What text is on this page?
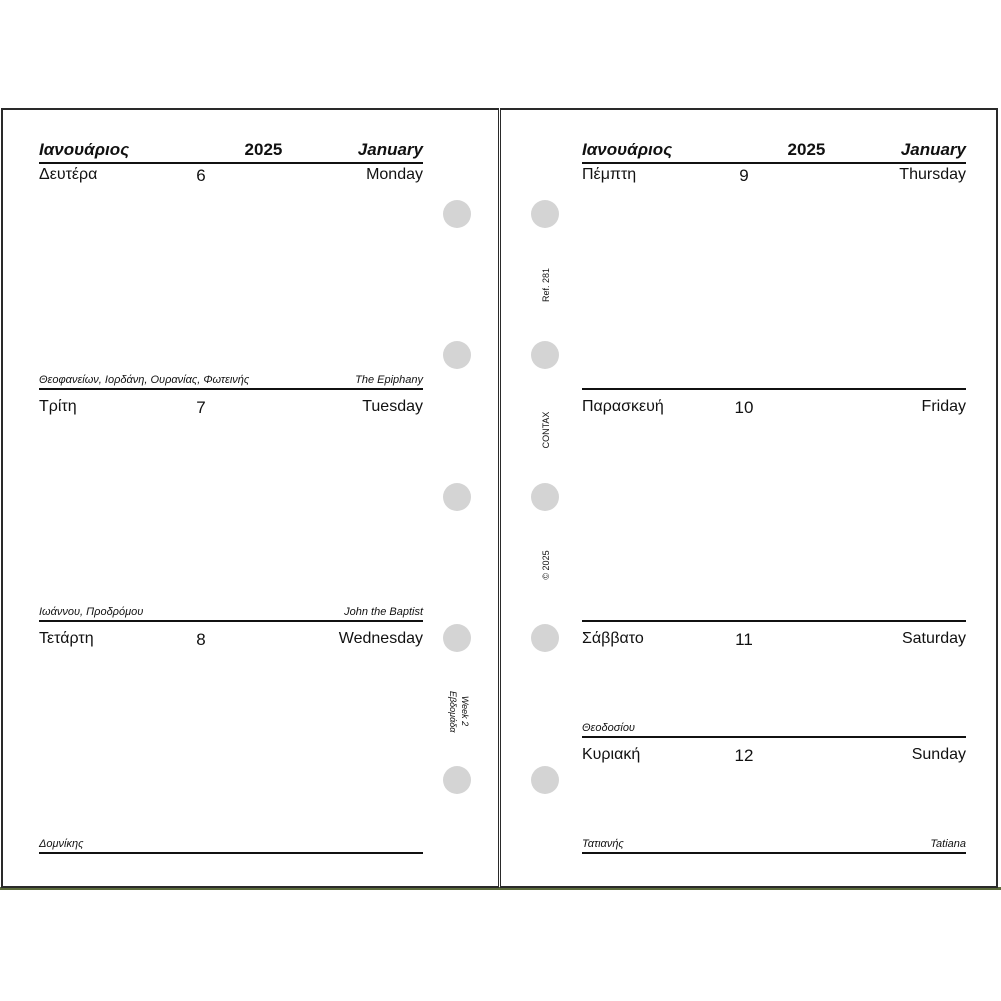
Ιανουάριος	2025	January
Δευτέρα	6	Monday
Θεοφανείων, Ιορδάνη, Ουρανίας, Φωτεινής	The Epiphany
Τρίτη	7	Tuesday
Ιωάννου, Προδρόμου	John the Baptist
Τετάρτη	8	Wednesday
Δομνίκης
Εβδομάδα Week 2
Ιανουάριος	2025	January
Πέμπτη	9	Thursday
Παρασκευή	10	Friday
Σάββατο	11	Saturday
Θεοδοσίου
Κυριακή	12	Sunday
Τατιανής	Tatiana
Ref. 281
CONTAX
© 2025
